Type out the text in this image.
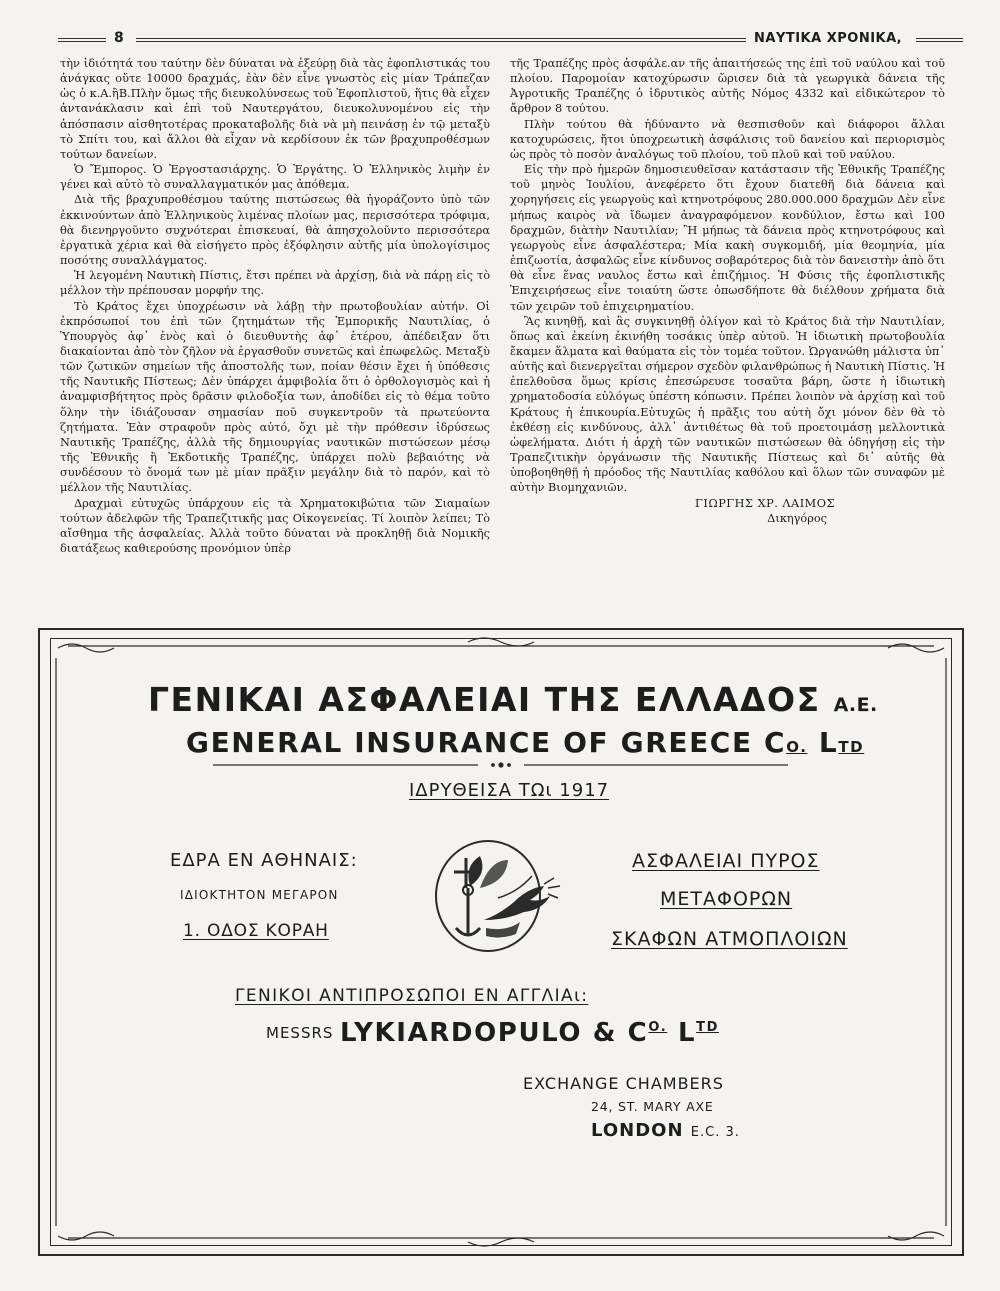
8	ΝΑΥΤΙΚΑ ΧΡΟΝΙΚΑ,

τὴν ἰδιότητά του ταύτην δὲν δύναται νὰ ἐξεύρῃ διὰ τὰς ἐφοπλιστικάς του ἀνάγκας οὔτε 10000 δραχμάς, ἐὰν δὲν εἶνε γνωστὸς εἰς μίαν Τράπεζαν ὡς ὁ κ.Α.ἢΒ.Πλὴν ὅμως τῆς διευκολύνσεως τοῦ Ἐφοπλιστοῦ, ἥτις θὰ εἶχεν ἀντανάκλασιν καὶ ἐπὶ τοῦ Ναυτεργάτου, διευκολυνομένου εἰς τὴν ἀπόσπασιν αἰσθητοτέρας προκαταβολῆς διὰ νὰ μὴ πεινάσῃ ἐν τῷ μεταξὺ τὸ Σπίτι του, καὶ ἄλλοι θὰ εἶχαν νὰ κερδίσουν ἐκ τῶν βραχυπροθέσμων τούτων δανείων.

Ὁ Ἔμπορος. Ὁ Ἐργοστασιάρχης. Ὁ Ἐργάτης. Ὁ Ἑλληνικὸς λιμὴν ἐν γένει καὶ αὐτὸ τὸ συναλλαγματικόν μας ἀπόθεμα.

Διὰ τῆς βραχυπροθέσμου ταύτης πιστώσεως θὰ ἠγοράζοντο ὑπὸ τῶν ἐκκινούντων ἀπὸ Ἑλληνικοὺς λιμένας πλοίων μας, περισσότερα τρόφιμα, θὰ διενηργοῦντο συχνότεραι ἐπισκευαί, θὰ ἀπησχολοῦντο περισσότερα ἐργατικὰ χέρια καὶ θὰ εἰσήγετο πρὸς ἐξόφλησιν αὐτῆς μία ὑπολογίσιμος ποσότης συναλλάγματος.

Ἡ λεγομένη Ναυτικὴ Πίστις, ἔτσι πρέπει νὰ ἀρχίσῃ, διὰ νὰ πάρῃ εἰς τὸ μέλλον τὴν πρέπουσαν μορφήν της.

Τὸ Κράτος ἔχει ὑποχρέωσιν νὰ λάβῃ τὴν πρωτοβουλίαν αὐτήν. Οἱ ἐκπρόσωποί του ἐπὶ τῶν ζητημάτων τῆς Ἐμπορικῆς Ναυτιλίας, ὁ Ὑπουργὸς ἀφ᾽ ἑνὸς καὶ ὁ διευθυντὴς ἀφ᾽ ἑτέρου, ἀπέδειξαν ὅτι διακαίονται ἀπὸ τὸν ζῆλον νὰ ἐργασθοῦν συνετῶς καὶ ἐπωφελῶς. Μεταξὺ τῶν ζωτικῶν σημείων τῆς ἀποστολῆς των, ποίαν θέσιν ἔχει ἡ ὑπόθεσις τῆς Ναυτικῆς Πίστεως; Δὲν ὑπάρχει ἀμφιβολία ὅτι ὁ ὀρθολογισμὸς καὶ ἡ ἀναμφισβήτητος πρὸς δρᾶσιν φιλοδοξία των, ἀποδίδει εἰς τὸ θέμα τοῦτο ὅλην τὴν ἰδιάζουσαν σημασίαν ποῦ συγκεντροῦν τὰ πρωτεύοντα ζητήματα. Ἐὰν στραφοῦν πρὸς αὐτό, ὄχι μὲ τὴν πρόθεσιν ἱδρύσεως Ναυτικῆς Τραπέζης, ἀλλὰ τῆς δημιουργίας ναυτικῶν πιστώσεων μέσῳ τῆς Ἐθνικῆς ἢ Ἐκδοτικῆς Τραπέζης, ὑπάρχει πολὺ βεβαιότης νὰ συνδέσουν τὸ ὄνομά των μὲ μίαν πρᾶξιν μεγάλην διὰ τὸ παρόν, καὶ τὸ μέλλον τῆς Ναυτιλίας.

Δραχμαὶ εὐτυχῶς ὑπάρχουν εἰς τὰ Χρηματοκιβώτια τῶν Σιαμαίων τούτων ἀδελφῶν τῆς Τραπεζιτικῆς μας Οἰκογενείας. Τί λοιπὸν λείπει; Τὸ αἴσθημα τῆς ἀσφαλείας. Ἀλλὰ τοῦτο δύναται νὰ προκληθῇ διὰ Νομικῆς διατάξεως καθιερούσης προνόμιον ὑπὲρ

τῆς Τραπέζης πρὸς ἀσφάλε.αν τῆς ἀπαιτήσεώς της ἐπὶ τοῦ ναύλου καὶ τοῦ πλοίου. Παρομοίαν κατοχύρωσιν ὥρισεν διὰ τὰ γεωργικὰ δάνεια τῆς Ἀγροτικῆς Τραπέζης ὁ ἱδρυτικὸς αὐτῆς Νόμος 4332 καὶ εἰδικώτερον τὸ ἄρθρον 8 τούτου.

Πλὴν τούτου θὰ ἠδύναντο νὰ θεσπισθοῦν καὶ διάφοροι ἄλλαι κατοχυρώσεις, ἤτοι ὑποχρεωτικὴ ἀσφάλισις τοῦ δανείου καὶ περιορισμὸς ὡς πρὸς τὸ ποσὸν ἀναλόγως τοῦ πλοίου, τοῦ πλοῦ καὶ τοῦ ναύλου.

Εἰς τὴν πρὸ ἡμερῶν δημοσιευθεῖσαν κατάστασιν τῆς Ἐθνικῆς Τραπέζης τοῦ μηνὸς Ἰουλίου, ἀνεφέρετο ὅτι ἔχουν διατεθῆ διὰ δάνεια καὶ χορηγήσεις εἰς γεωργοὺς καὶ κτηνοτρόφους 280.000.000 δραχμῶν Δὲν εἶνε μήπως καιρὸς νὰ ἴδωμεν ἀναγραφόμενον κονδύλιον, ἔστω καὶ 100 δραχμῶν, διὰτὴν Ναυτιλίαν; Ἢ μήπως τὰ δάνεια πρὸς κτηνοτρόφους καὶ γεωργοὺς εἶνε ἀσφαλέστερα; Μία κακὴ συγκομιδή, μία θεομηνία, μία ἐπιζωοτία, ἀσφαλῶς εἶνε κίνδυνος σοβαρότερος διὰ τὸν δανειστὴν ἀπὸ ὅτι θὰ εἶνε ἕνας ναυλος ἔστω καὶ ἐπιζήμιος. Ἡ Φύσις τῆς ἐφοπλιστικῆς Ἐπιχειρήσεως εἶνε τοιαύτη ὥστε ὁπωσδήποτε θὰ διέλθουν χρήματα διὰ τῶν χειρῶν τοῦ ἐπιχειρηματίου.

Ἂς κινηθῇ, καὶ ἂς συγκινηθῇ ὀλίγον καὶ τὸ Κράτος διὰ τὴν Ναυτιλίαν, ὅπως καὶ ἐκείνη ἐκινήθη τοσάκις ὑπὲρ αὐτοῦ. Ἡ ἰδιωτικὴ πρωτοβουλία ἔκαμεν ἅλματα καὶ θαύματα εἰς τὸν τομέα τοῦτον. Ὠργανώθη μάλιστα ὑπ᾽ αὐτῆς καὶ διενεργεῖται σήμερον σχεδὸν φιλανθρώπως ἡ Ναυτικὴ Πίστις. Ἡ ἐπελθοῦσα ὅμως κρίσις ἐπεσώρευσε τοσαῦτα βάρη, ὥστε ἡ ἰδιωτικὴ χρηματοδοσία εὐλόγως ὑπέστη κόπωσιν. Πρέπει λοιπὸν νὰ ἀρχίσῃ καὶ τοῦ Κράτους ἡ ἐπικουρία.Εὐτυχῶς ἡ πρᾶξις του αὐτὴ ὄχι μόνον δὲν θὰ τὸ ἐκθέσῃ εἰς κινδύνους, ἀλλ᾽ ἀντιθέτως θὰ τοῦ προετοιμάσῃ μελλοντικὰ ὠφελήματα. Διότι ἡ ἀρχὴ τῶν ναυτικῶν πιστώσεων θὰ ὁδηγήσῃ εἰς τὴν Τραπεζιτικὴν ὀργάνωσιν τῆς Ναυτικῆς Πίστεως καὶ δι᾽ αὐτῆς θὰ ὑποβοηθηθῇ ἡ πρόοδος τῆς Ναυτιλίας καθόλου καὶ ὅλων τῶν συναφῶν μὲ αὐτὴν Βιομηχανιῶν.

ΓΙΩΡΓΗΣ ΧΡ. ΛΑΙΜΟΣ

Δικηγόρος

ΓΕΝΙΚΑΙ ΑΣΦΑΛΕΙΑΙ ΤΗΣ ΕΛΛΑΔΟΣ Α.Ε.
GENERAL INSURANCE OF GREECE CO. LTD
ΙΔΡΥΘΕΙΣΑ ΤΩι 1917
ΕΔΡΑ ΕΝ ΑΘΗΝΑΙΣ:
ΙΔΙΟΚΤΗΤΟΝ ΜΕΓΑΡΟΝ
1. ΟΔΟΣ ΚΟΡΑΗ
ΑΣΦΑΛΕΙΑΙ ΠΥΡΟΣ
ΜΕΤΑΦΟΡΩΝ
ΣΚΑΦΩΝ ΑΤΜΟΠΛΟΙΩΝ
ΓΕΝΙΚΟΙ ΑΝΤΙΠΡΟΣΩΠΟΙ ΕΝ ΑΓΓΛΙΑι:
MESSRS LYKIARDOPULO & $C^{O.}$ $L^{TD}$
EXCHANGE CHAMBERS
24, ST. MARY AXE
LONDON E.C. 3.
